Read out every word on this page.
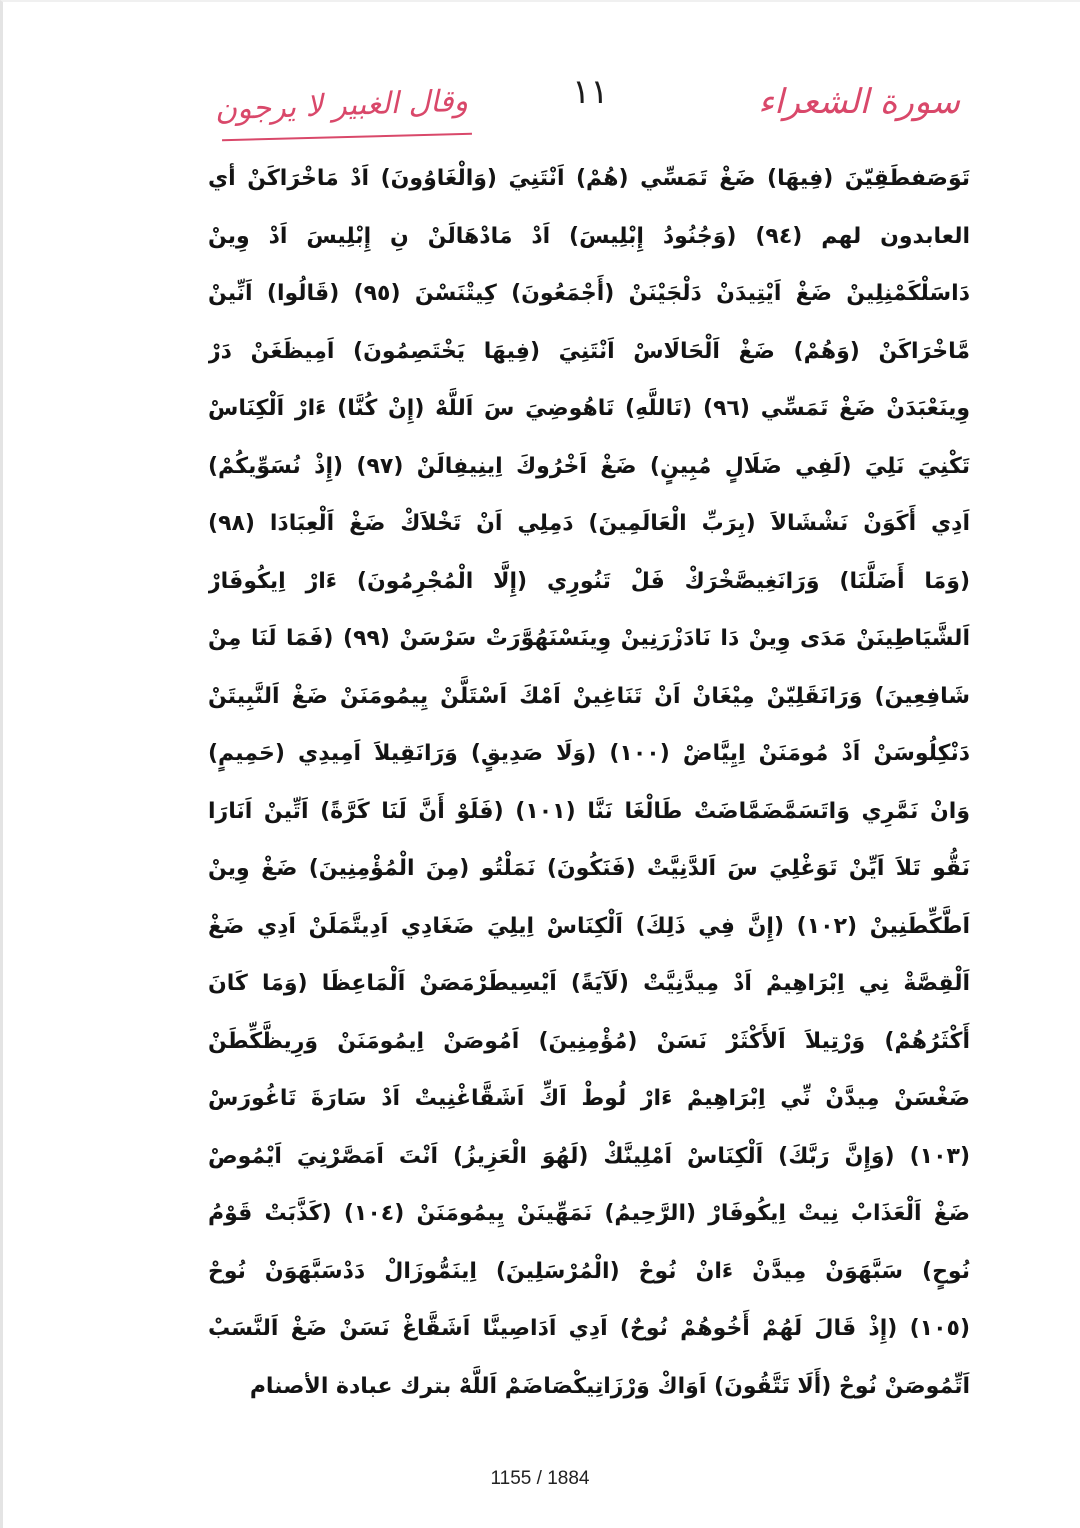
سورة الشعراء
١١
وقال الغبير لا يرجون
تَوَصَفطَقِيّنَ (فِيهَا) ضَغْ تَمَسِّي (هُمْ) اَنْتَنِيَ (وَالْغَاوُونَ) اَدْ مَاخْرَاكَنْ أي
العابدون لهم (٩٤) (وَجُنُودُ إِبْلِيسَ) اَدْ مَادْهَالَنْ نِ إِبْلِيسَ اَدْ وِينْ
دَاسَلْكَمْنِلِينْ ضَغْ اَيْتِيدَنْ دَلْجَيْنَنْ (أَجْمَعُونَ) كِيتْنَسْنَ (٩٥) (قَالُوا) اَنِّينْ
مَّاخْرَاكَنْ (وَهُمْ) ضَغْ اَلْحَالَاسْ اَنْتَنِيَ (فِيهَا يَخْتَصِمُونَ) اَمِيظَغَنْ دَرْ
وِينَعْبَدَنْ ضَغْ تَمَسِّي (٩٦) (تَاللَّهِ) تَاهُوضِيَ سَ اَللَّهْ (إِنْ كُنَّا) ءَارْ اَلْكِنَاسْ
تَكْنِيَ نَلِيَ (لَفِي ضَلَالٍ مُبِينٍ) ضَغْ اَخْرُوكَ اِينِيفِالَنْ (٩٧) (إِذْ نُسَوِّيكُمْ)
اَدِي أَكَوَنْ نَشْشَالاَ (بِرَبِّ الْعَالَمِينَ) دَمِلِي اَنْ تَخْلاَكْ ضَغْ اَلْعِبَادَا (٩٨)
(وَمَا أَضَلَّنَا) وَرَانَغِيصَّخْرَكْ فَلْ تَنُورِي (إِلَّا الْمُجْرِمُونَ) ءَارْ اِيكُوفَارْ
اَلشَّيَاطِينَنْ مَدَى وِينْ دَا نَادَزْرَنِينْ وِينَسْنَهُوَّرَتْ سَرْسَنْ (٩٩) (فَمَا لَنَا مِنْ
شَافِعِينَ) وَرَانَقَلِيّنْ مِيْغَانْ اَنْ تَنَاغِينْ اَمْكَ اَسْتَلَّنْ يِيمُومَنَنْ ضَغْ اَلنَّبِيتَنْ
دَنْكِلُوسَنْ اَدْ مُومَنَنْ اِيِيَّاضْ (١٠٠) (وَلَا صَدِيقٍ) وَرَانَقِيلاَ اَمِيدِي (حَمِيمٍ)
وَانْ نَمَّرِي وَاتَسَمَّضَمَّاضَتْ طَالْغَا نَنَّا (١٠١) (فَلَوْ أَنَّ لَنَا كَرَّةً) اَتِّينْ اَنَارَا
نَقُّو تَلاَ اَيِّنْ تَوَغْلِيَ سَ اَلدَّنِيَّتْ (فَنَكُونَ) نَمَلْتُو (مِنَ الْمُؤْمِنِينَ) ضَغْ وِينْ
اَطَّكِّطَنِينْ (١٠٢) (إِنَّ فِي ذَلِكَ) اَلْكِنَاسْ اِيلِيَ ضَغَادِي اَدِيتَّمَلَنْ اَدِي ضَغْ
اَلْقِصَّةْ نِي اِبْرَاهِيمْ اَدْ مِيدَّنِيَّتْ (لَآيَةً) اَيْسِيطَرْمَصَنْ اَلْمَاعِظَا (وَمَا كَانَ
أَكْثَرُهُمْ) وَرْتِيلاَ اَلأَكْثَرْ نَسَنْ (مُؤْمِنِينَ) اَمُوصَنْ اِيمُومَنَنْ وَرِيظَّكِّطَنْ
ضَغْسَنْ مِيدَّنْ نِّي اِبْرَاهِيمْ ءَارْ لُوطْ اَكِّ اَشَقَّاغْنِيتْ اَدْ سَارَةَ تَاغُورَسْ
(١٠٣) (وَإِنَّ رَبَّكَ) اَلْكِنَاسْ اَمْلِينَّكْ (لَهُوَ الْعَزِيزُ) اَنْتَ اَمَصَّرْنِيَ اَيْمُوصْ
ضَغْ اَلْعَذَابْ نِيتْ اِيكُوفَارْ (الرَّحِيمُ) نَمَهِّينَنْ يِيمُومَنَنْ (١٠٤) (كَذَّبَتْ قَوْمُ
نُوحٍ) سَبَّهَوَنْ مِيدَّنْ ءَانْ نُوحْ (الْمُرْسَلِينَ) اِينَمُّوزَالْ دَدْسَبَّهَوَنْ نُوحْ
(١٠٥) (إِذْ قَالَ لَهُمْ أَخُوهُمْ نُوحٌ) اَدِي اَدَاصِينَّا اَشَقَّاغْ نَسَنْ ضَغْ اَلنَّسَبْ
اَتِّمُوصَنْ نُوحْ (أَلَا تَتَّقُونَ) اَوَاكْ وَرْزَاتِيكْصَاضَمْ اَللَّهْ بترك عبادة الأصنام
1155 / 1884
